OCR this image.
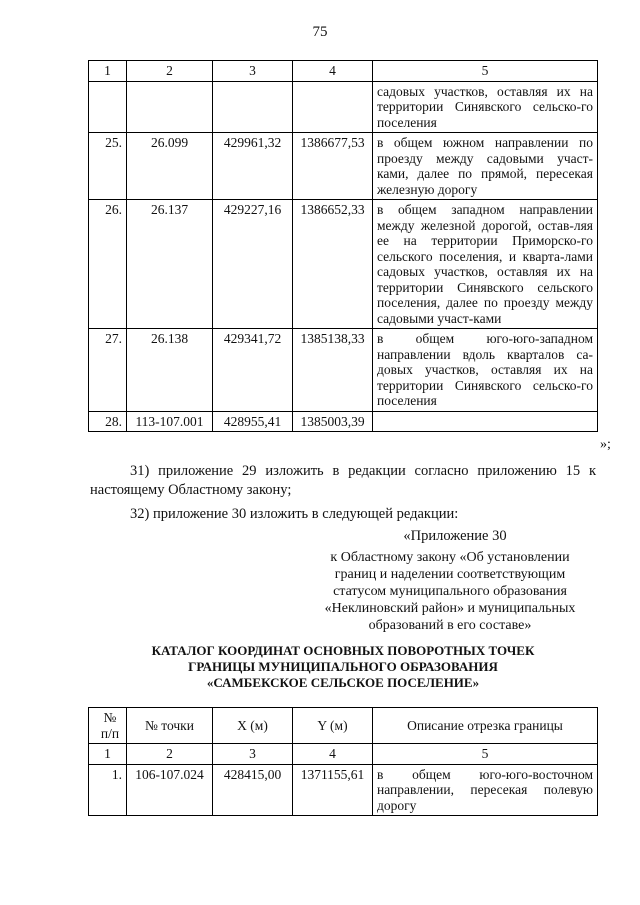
75
1	2	3	4	5
				садовых участков, оставляя их на территории Синявского сельско-го поселения
25.	26.099	429961,32	1386677,53	в общем южном направлении по проезду между садовыми участ-ками, далее по прямой, пересекая железную дорогу
26.	26.137	429227,16	1386652,33	в общем западном направлении между железной дорогой, остав-ляя ее на территории Приморско-го сельского поселения, и кварта-лами садовых участков, оставляя их на территории Синявского сельского поселения, далее по проезду между садовыми участ-ками
27.	26.138	429341,72	1385138,33	в общем юго-юго-западном направлении вдоль кварталов са-довых участков, оставляя их на территории Синявского сельско-го поселения
28.	113-107.001	428955,41	1385003,39	
»;
31) приложение 29 изложить в редакции согласно приложению 15 к настоящему Областному закону;
32) приложение 30 изложить в следующей редакции:
«Приложение 30
к Областному закону «Об установлении
границ и наделении соответствующим
статусом муниципального образования
«Неклиновский район» и муниципальных
образований в его составе»
КАТАЛОГ КООРДИНАТ ОСНОВНЫХ ПОВОРОТНЫХ ТОЧЕК
ГРАНИЦЫ МУНИЦИПАЛЬНОГО ОБРАЗОВАНИЯ
«САМБЕКСКОЕ СЕЛЬСКОЕ ПОСЕЛЕНИЕ»
№ п/п	№ точки	X (м)	Y (м)	Описание отрезка границы
1	2	3	4	5
1.	106-107.024	428415,00	1371155,61	в общем юго-юго-восточном направлении, пересекая полевую дорогу
